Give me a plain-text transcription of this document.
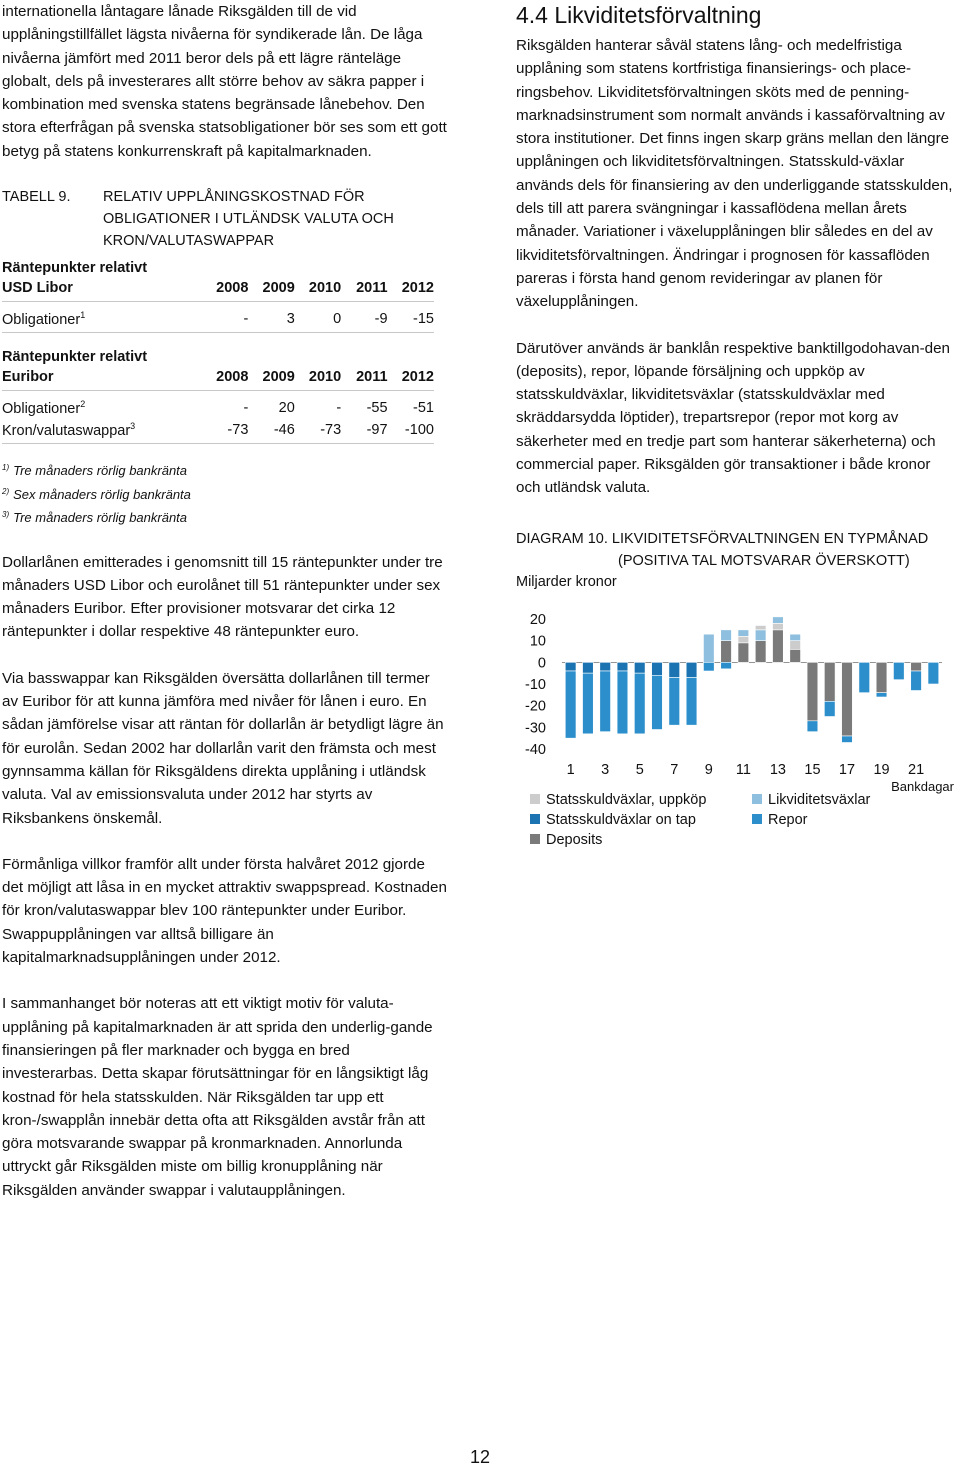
internationella låntagare lånade Riksgälden till de vid upplåningstillfället lägsta nivåerna för syndikerade lån. De låga nivåerna jämfört med 2011 beror dels på ett lägre ränteläge globalt, dels på investerares allt större behov av säkra papper i kombination med svenska statens begränsade lånebehov. Den stora efterfrågan på svenska statsobligationer bör ses som ett gott betyg på statens konkurrenskraft på kapitalmarknaden.

TABELL 9.	RELATIV UPPLÅNINGSKOSTNAD FÖR OBLIGATIONER I UTLÄNDSK VALUTA OCH KRON/VALUTASWAPPAR
Räntepunkter relativt
USD Libor	2008 2009 2010	2011 2012
Obligationer$^1$	-	3	0	-9	-15
Räntepunkter relativt
Euribor	2008 2009 2010	2011 2012
Obligationer$^2$	-	20	-	-55	-51
Kron/valutaswappar$^3$	-73	-46	-73	-97	-100
$^{1)}$ Tre månaders rörlig bankränta
$^{2)}$ Sex månaders rörlig bankränta
$^{3)}$ Tre månaders rörlig bankränta

Dollarlånen emitterades i genomsnitt till 15 räntepunkter under tre månaders USD Libor och eurolånet till 51 räntepunkter under sex månaders Euribor. Efter provisioner motsvarar det cirka 12 räntepunkter i dollar respektive 48 räntepunkter euro.

Via basswappar kan Riksgälden översätta dollarlånen till termer av Euribor för att kunna jämföra med nivåer för lånen i euro. En sådan jämförelse visar att räntan för dollarlån är betydligt lägre än för eurolån. Sedan 2002 har dollarlån varit den främsta och mest gynnsamma källan för Riksgäldens direkta upplåning i utländsk valuta. Val av emissionsvaluta under 2012 har styrts av Riksbankens önskemål.

Förmånliga villkor framför allt under första halvåret 2012 gjorde det möjligt att låsa in en mycket attraktiv swappspread. Kostnaden för kron/valutaswappar blev 100 räntepunkter under Euribor. Swappupplåningen var alltså billigare än kapitalmarknadsupplåningen under 2012.

I sammanhanget bör noteras att ett viktigt motiv för valuta-upplåning på kapitalmarknaden är att sprida den underlig-gande finansieringen på fler marknader och bygga en bred investerarbas. Detta skapar förutsättningar för en långsiktigt låg kostnad för hela statsskulden. När Riksgälden tar upp ett kron-/swapplån innebär detta ofta att Riksgälden avstår från att göra motsvarande swappar på kronmarknaden. Annorlunda uttryckt går Riksgälden miste om billig kronupplåning när Riksgälden använder swappar i valutaupplåningen.

4.4 Likviditetsförvaltning

Riksgälden hanterar såväl statens lång- och medelfristiga upplåning som statens kortfristiga finansierings- och place-ringsbehov. Likviditetsförvaltningen sköts med de penning-marknadsinstrument som normalt används i kassaförvaltning av stora institutioner. Det finns ingen skarp gräns mellan den längre upplåningen och likviditetsförvaltningen. Statsskuld-växlar används dels för finansiering av den underliggande statsskulden, dels till att parera svängningar i kassaflödena mellan årets månader. Variationer i växelupplåningen blir således en del av likviditetsförvaltningen. Ändringar i prognosen för kassaflöden pareras i första hand genom revideringar av planen för växelupplåningen.

Därutöver används är banklån respektive banktillgodohavan-den (deposits), repor, löpande försäljning och uppköp av statsskuldväxlar, likviditetsväxlar (statsskuldväxlar med skräddarsydda löptider), trepartsrepor (repor mot korg av säkerheter med en tredje part som hanterar säkerheterna) och commercial paper. Riksgälden gör transaktioner i både kronor och utländsk valuta.

DIAGRAM 10. LIKVIDITETSFÖRVALTNINGEN EN TYPMÅNAD
(POSITIVA TAL MOTSVARAR ÖVERSKOTT)
Miljarder kronor
20
10
0
-10
-20
-30
-40
1 3 5 7 9 11 13 15 17 19 21
Bankdagar
Statsskuldväxlar, uppköp
Statsskuldväxlar on tap
Deposits
Likviditetsväxlar
Repor
12
